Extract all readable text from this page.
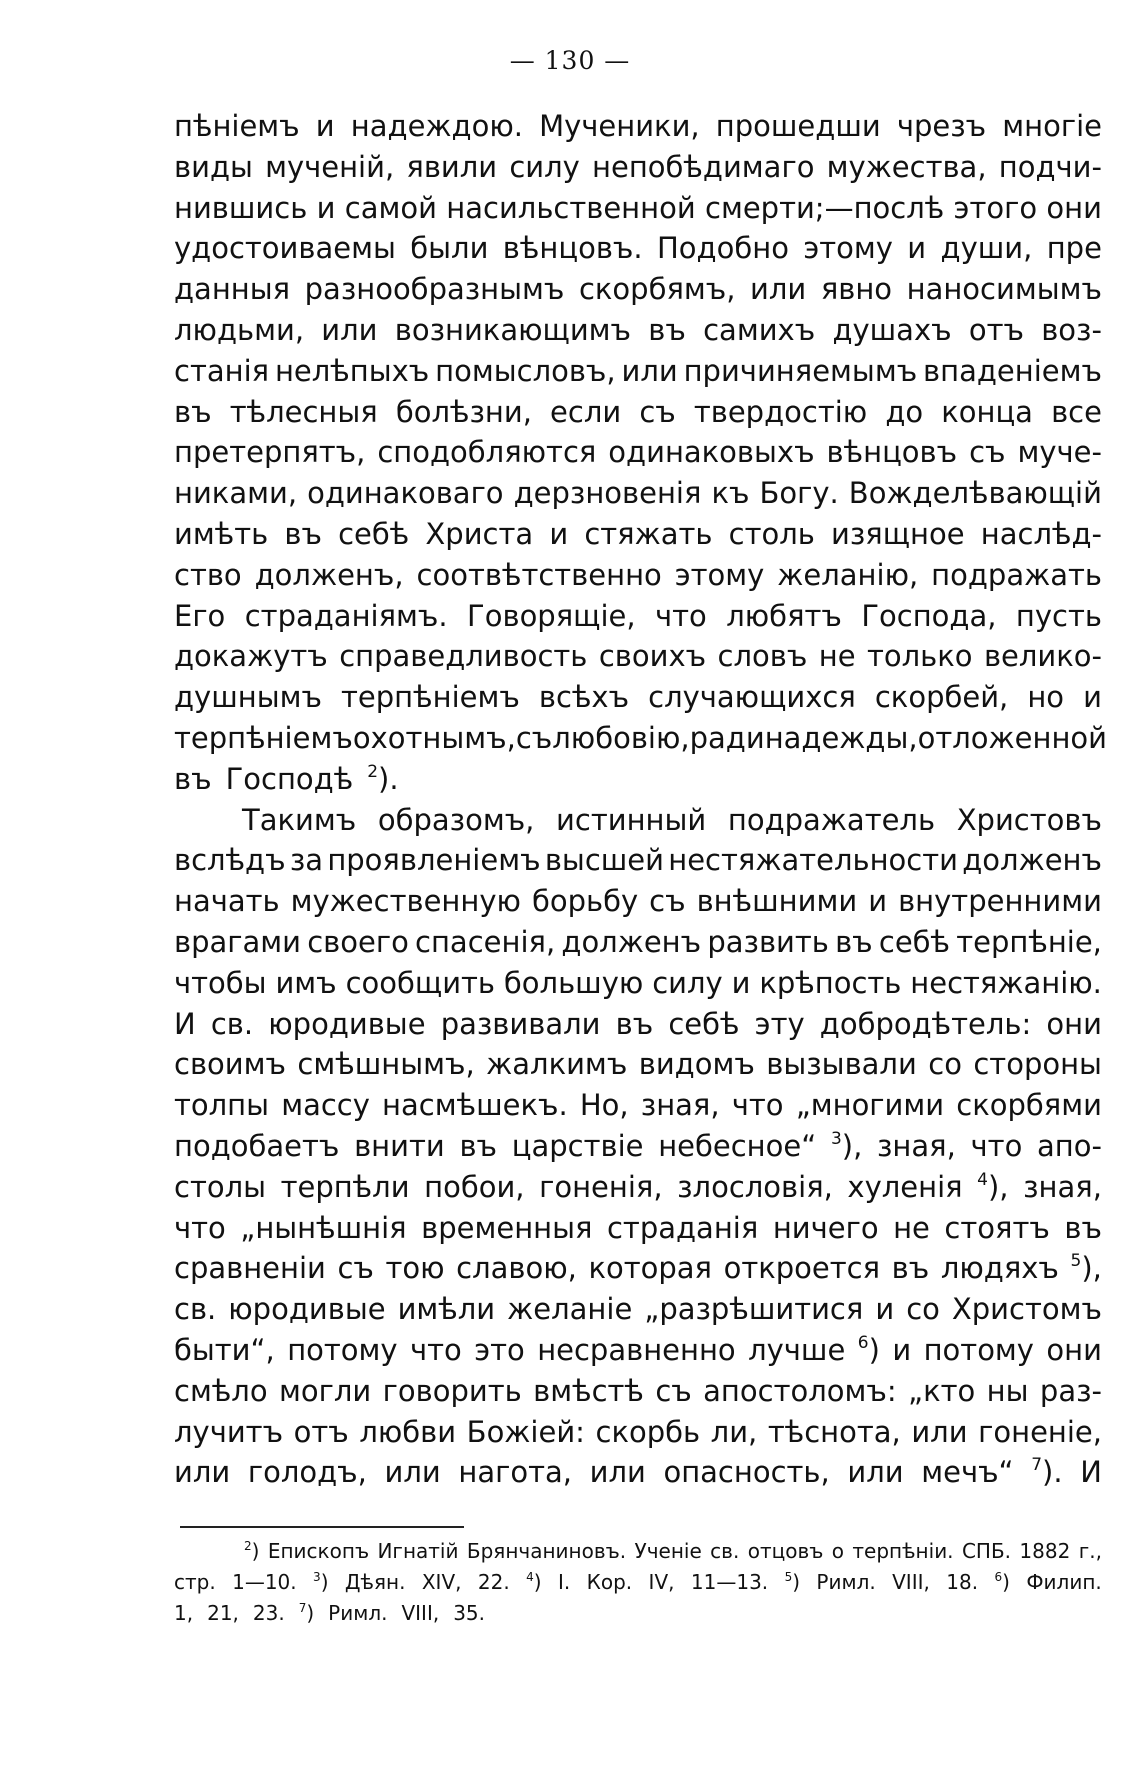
— 130 —
пѣніемъ и надеждою. Мученики, прошедши чрезъ многіе
виды мученій, явили силу непобѣдимаго мужества, подчи-
нившись и самой насильственной смерти;—послѣ этого они
удостоиваемы были вѣнцовъ. Подобно этому и души, пре
данныя разнообразнымъ скорбямъ, или явно наносимымъ
людьми, или возникающимъ въ самихъ душахъ отъ воз-
станія нелѣпыхъ помысловъ, или причиняемымъ впаденіемъ
въ тѣлесныя болѣзни, если съ твердостію до конца все
претерпятъ, сподобляются одинаковыхъ вѣнцовъ съ муче-
никами, одинаковаго дерзновенія къ Богу. Вожделѣвающій
имѣть въ себѣ Христа и стяжать столь изящное наслѣд-
ство долженъ, соотвѣтственно этому желанію, подражать
Его страданіямъ. Говорящіе, что любятъ Господа, пусть
докажутъ справедливость своихъ словъ не только велико-
душнымъ терпѣніемъ всѣхъ случающихся скорбей, но и
терпѣніемъ охотнымъ, съ любовію, ради надежды, отложенной
въ Господѣ $^2$).
Такимъ образомъ, истинный подражатель Христовъ
вслѣдъ за проявленіемъ высшей нестяжательности долженъ
начать мужественную борьбу съ внѣшними и внутренними
врагами своего спасенія, долженъ развить въ себѣ терпѣніе,
чтобы имъ сообщить большую силу и крѣпость нестяжанію.
И св. юродивые развивали въ себѣ эту добродѣтель: они
своимъ смѣшнымъ, жалкимъ видомъ вызывали со стороны
толпы массу насмѣшекъ. Но, зная, что „многими скорбями
подобаетъ внити въ царствіе небесное“ $^3$), зная, что апо-
столы терпѣли побои, гоненія, злословія, хуленія $^4$), зная,
что „нынѣшнія временныя страданія ничего не стоятъ въ
сравненіи съ тою славою, которая откроется въ людяхъ $^5$),
св. юродивые имѣли желаніе „разрѣшитися и со Христомъ
быти“, потому что это несравненно лучше $^6$) и потому они
смѣло могли говорить вмѣстѣ съ апостоломъ: „кто ны раз-
лучитъ отъ любви Божіей: скорбь ли, тѣснота, или гоненіе,
или голодъ, или нагота, или опасность, или мечъ“ $^7$). И
$^2$) Епископъ Игнатій Брянчаниновъ. Ученіе св. отцовъ о терпѣніи. СПБ. 1882 г.,
стр. 1—10. $^3$) Дѣян. XIV, 22. $^4$) I. Кор. IV, 11—13. $^5$) Римл. VIII, 18. $^6$) Филип.
1, 21, 23. $^7$) Римл. VIII, 35.
